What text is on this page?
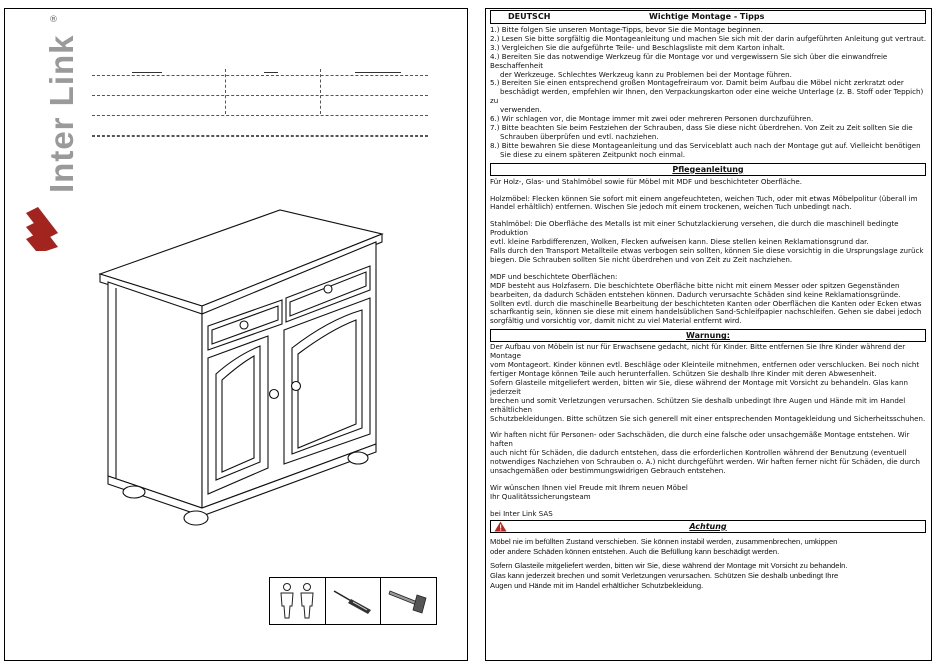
Inter Link
®	DEUTSCH	Wichtige Montage - Tipps
1.) Bitte folgen Sie unseren Montage-Tipps, bevor Sie die Montage beginnen.
2.) Lesen Sie bitte sorgfältig die Montageanleitung und machen Sie sich mit der darin aufgeführten Anleitung gut vertraut.
3.) Vergleichen Sie die aufgeführte Teile- und Beschlagsliste mit dem Karton inhalt.
4.) Bereiten Sie das notwendige Werkzeug für die Montage vor und vergewissern Sie sich über die einwandfreie
Beschaffenheit
der Werkzeuge. Schlechtes Werkzeug kann zu Problemen bei der Montage führen.
5.) Bereiten Sie einen entsprechend großen Montagefreiraum vor. Damit beim Aufbau die Möbel nicht zerkratzt oder
beschädigt werden, empfehlen wir Ihnen, den Verpackungskarton oder eine weiche Unterlage (z. B. Stoff oder Teppich)
zu
verwenden.
6.) Wir schlagen vor, die Montage immer mit zwei oder mehreren Personen durchzuführen.
7.) Bitte beachten Sie beim Festziehen der Schrauben, dass Sie diese nicht überdrehen. Von Zeit zu Zeit sollten Sie die
Schrauben überprüfen und evtl. nachziehen.
8.) Bitte bewahren Sie diese Montageanleitung und das Serviceblatt auch nach der Montage gut auf. Vielleicht benötigen
Sie diese zu einem späteren Zeitpunkt noch einmal.
Pflegeanleitung
Für Holz-, Glas- und Stahlmöbel sowie für Möbel mit MDF und beschichteter Oberfläche.
Holzmöbel: Flecken können Sie sofort mit einem angefeuchteten, weichen Tuch, oder mit etwas Möbelpolitur (überall im
Handel erhältlich) entfernen. Wischen Sie jedoch mit einem trockenen, weichen Tuch unbedingt nach.
Stahlmöbel: Die Oberfläche des Metalls ist mit einer Schutzlackierung versehen, die durch die maschinell bedingte
Produktion
evtl. kleine Farbdifferenzen, Wolken, Flecken aufweisen kann. Diese stellen keinen Reklamationsgrund dar.
Falls durch den Transport Metallteile etwas verbogen sein sollten, können Sie diese vorsichtig in die Ursprungslage zurück
biegen. Die Schrauben sollten Sie nicht überdrehen und von Zeit zu Zeit nachziehen.
MDF und beschichtete Oberflächen:
MDF besteht aus Holzfasern. Die beschichtete Oberfläche bitte nicht mit einem Messer oder spitzen Gegenständen
bearbeiten, da dadurch Schäden entstehen können. Dadurch verursachte Schäden sind keine Reklamationsgründe.
Sollten evtl. durch die maschinelle Bearbeitung der beschichteten Kanten oder Oberflächen die Kanten oder Ecken etwas
scharfkantig sein, können sie diese mit einem handelsüblichen Sand-Schleifpapier nachschleifen. Gehen sie dabei jedoch
sorgfältig und vorsichtig vor, damit nicht zu viel Material entfernt wird.
Warnung:
Der Aufbau von Möbeln ist nur für Erwachsene gedacht, nicht für Kinder. Bitte entfernen Sie Ihre Kinder während der
Montage
vom Montageort. Kinder können evtl. Beschläge oder Kleinteile mitnehmen, entfernen oder verschlucken. Bei noch nicht
fertiger Montage können Teile auch herunterfallen. Schützen Sie deshalb Ihre Kinder mit deren Abwesenheit.
Sofern Glasteile mitgeliefert werden, bitten wir Sie, diese während der Montage mit Vorsicht zu behandeln. Glas kann
jederzeit
brechen und somit Verletzungen verursachen. Schützen Sie deshalb unbedingt Ihre Augen und Hände mit im Handel
erhältlichen
Schutzbekleidungen. Bitte schützen Sie sich generell mit einer entsprechenden Montagekleidung und Sicherheitsschuhen.
Wir haften nicht für Personen- oder Sachschäden, die durch eine falsche oder unsachgemäße Montage entstehen. Wir
haften
auch nicht für Schäden, die dadurch entstehen, dass die erforderlichen Kontrollen während der Benutzung (eventuell
notwendiges Nachziehen von Schrauben o. Ä.) nicht durchgeführt werden. Wir haften ferner nicht für Schäden, die durch
unsachgemäßen oder bestimmungswidrigen Gebrauch entstehen.
Wir wünschen Ihnen viel Freude mit Ihrem neuen Möbel
Ihr Qualitätssicherungsteam
bei Inter Link SAS
Achtung
Möbel nie im befüllten Zustand verschieben. Sie können instabil werden, zusammenbrechen, umkippen
oder andere Schäden können entstehen. Auch die Befüllung kann beschädigt werden.
Sofern Glasteile mitgeliefert werden, bitten wir Sie, diese während der Montage mit Vorsicht zu behandeln.
Glas kann jederzeit brechen und somit Verletzungen verursachen. Schützen Sie deshalb unbedingt Ihre
Augen und Hände mit im Handel erhältlicher Schutzbekleidung.
